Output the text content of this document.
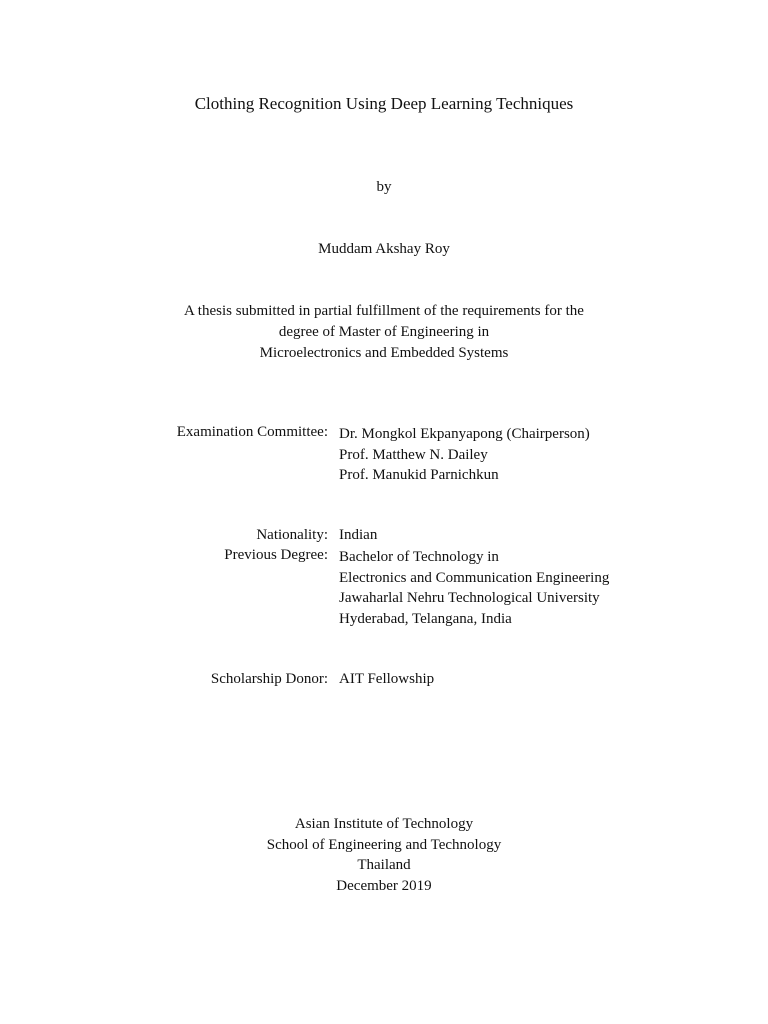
Clothing Recognition Using Deep Learning Techniques
by
Muddam Akshay Roy
A thesis submitted in partial fulfillment of the requirements for the
degree of Master of Engineering in
Microelectronics and Embedded Systems
Examination Committee: Dr. Mongkol Ekpanyapong (Chairperson)
Prof. Matthew N. Dailey
Prof. Manukid Parnichkun
Nationality: Indian
Previous Degree: Bachelor of Technology in
Electronics and Communication Engineering
Jawaharlal Nehru Technological University
Hyderabad, Telangana, India
Scholarship Donor: AIT Fellowship
Asian Institute of Technology
School of Engineering and Technology
Thailand
December 2019
